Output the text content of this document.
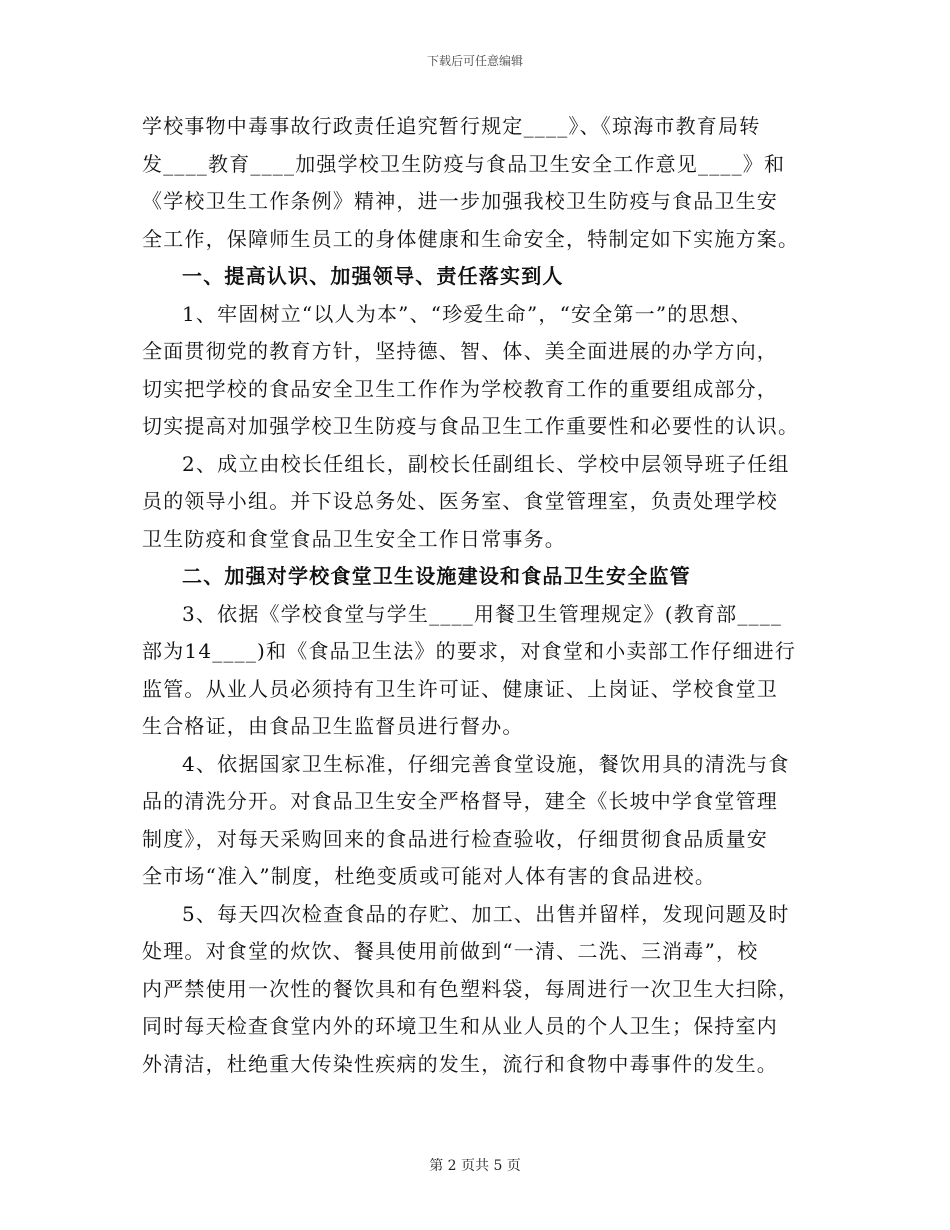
下载后可任意编辑
学校事物中毒事故行政责任追究暂行规定____》、《琼海市教育局转
发____教育____加强学校卫生防疫与食品卫生安全工作意见____》和
《学校卫生工作条例》精神，进一步加强我校卫生防疫与食品卫生安
全工作，保障师生员工的身体健康和生命安全，特制定如下实施方案。
一、提高认识、加强领导、责任落实到人
1、牢固树立“以人为本”、“珍爱生命”，“安全第一”的思想、
全面贯彻党的教育方针，坚持德、智、体、美全面进展的办学方向，
切实把学校的食品安全卫生工作作为学校教育工作的重要组成部分，
切实提高对加强学校卫生防疫与食品卫生工作重要性和必要性的认识。
2、成立由校长任组长，副校长任副组长、学校中层领导班子任组
员的领导小组。并下设总务处、医务室、食堂管理室，负责处理学校
卫生防疫和食堂食品卫生安全工作日常事务。
二、加强对学校食堂卫生设施建设和食品卫生安全监管
3、依据《学校食堂与学生____用餐卫生管理规定》(教育部____
部为14____)和《食品卫生法》的要求，对食堂和小卖部工作仔细进行
监管。从业人员必须持有卫生许可证、健康证、上岗证、学校食堂卫
生合格证，由食品卫生监督员进行督办。
4、依据国家卫生标准，仔细完善食堂设施，餐饮用具的清洗与食
品的清洗分开。对食品卫生安全严格督导，建全《长坡中学食堂管理
制度》，对每天采购回来的食品进行检查验收，仔细贯彻食品质量安
全市场“准入”制度，杜绝变质或可能对人体有害的食品进校。
5、每天四次检查食品的存贮、加工、出售并留样，发现问题及时
处理。对食堂的炊饮、餐具使用前做到“一清、二洗、三消毒”，校
内严禁使用一次性的餐饮具和有色塑料袋，每周进行一次卫生大扫除，
同时每天检查食堂内外的环境卫生和从业人员的个人卫生；保持室内
外清洁，杜绝重大传染性疾病的发生，流行和食物中毒事件的发生。
第 2 页共 5 页
